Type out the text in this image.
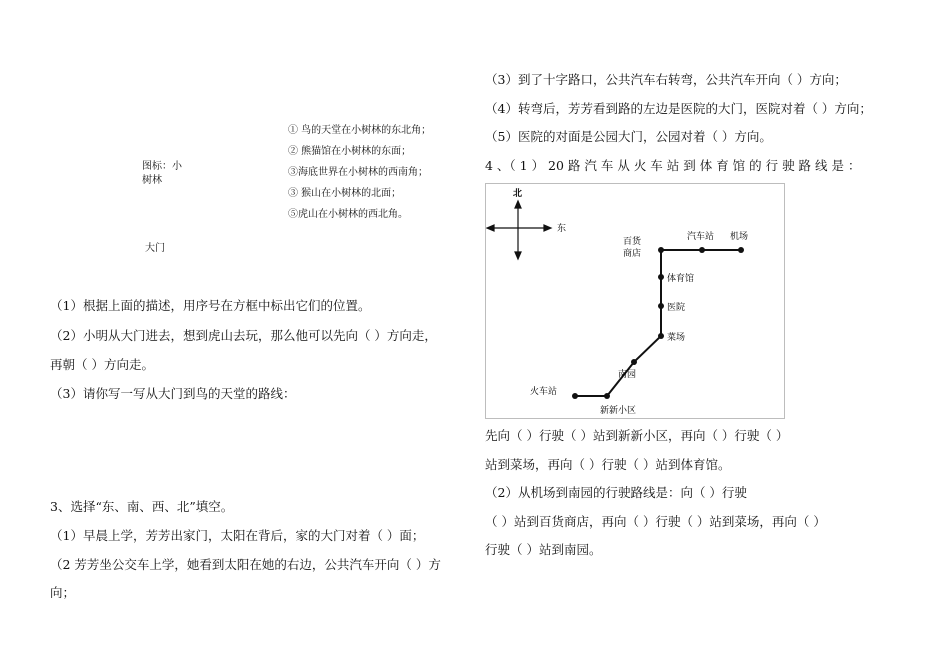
① 鸟的天堂在小树林的东北角；
② 熊猫馆在小树林的东面；
③海底世界在小树林的西南角；
③ 猴山在小树林的北面；
⑤虎山在小树林的西北角。
图标：小
树林
大门
（1）根据上面的描述，用序号在方框中标出它们的位置。
（2）小明从大门进去，想到虎山去玩，那么他可以先向（ ）方向走，
再朝（ ）方向走。
（3）请你写一写从大门到鸟的天堂的路线：
3、选择“东、南、西、北”填空。
（1）早晨上学，芳芳出家门，太阳在背后，家的大门对着（ ）面；
（2 芳芳坐公交车上学，她看到太阳在她的右边，公共汽车开向（ ）方
向；
（3）到了十字路口，公共汽车右转弯，公共汽车开向（ ）方向；
（4）转弯后，芳芳看到路的左边是医院的大门，医院对着（ ）方向；
（5）医院的对面是公园大门，公园对着（ ）方向。
4 、（ 1 ） 20 路 汽 车 从 火 车 站 到 体 育 馆 的 行 驶 路 线 是 ：
北
东
百货
商店
汽车站 机场
体育馆
医院
菜场
南园
火车站
新新小区
先向（ ）行驶（ ）站到新新小区，再向（ ）行驶（ ）
站到菜场，再向（ ）行驶（ ）站到体育馆。
（2）从机场到南园的行驶路线是：向（ ）行驶
（ ）站到百货商店，再向（ ）行驶（ ）站到菜场，再向（ ）
行驶（ ）站到南园。
